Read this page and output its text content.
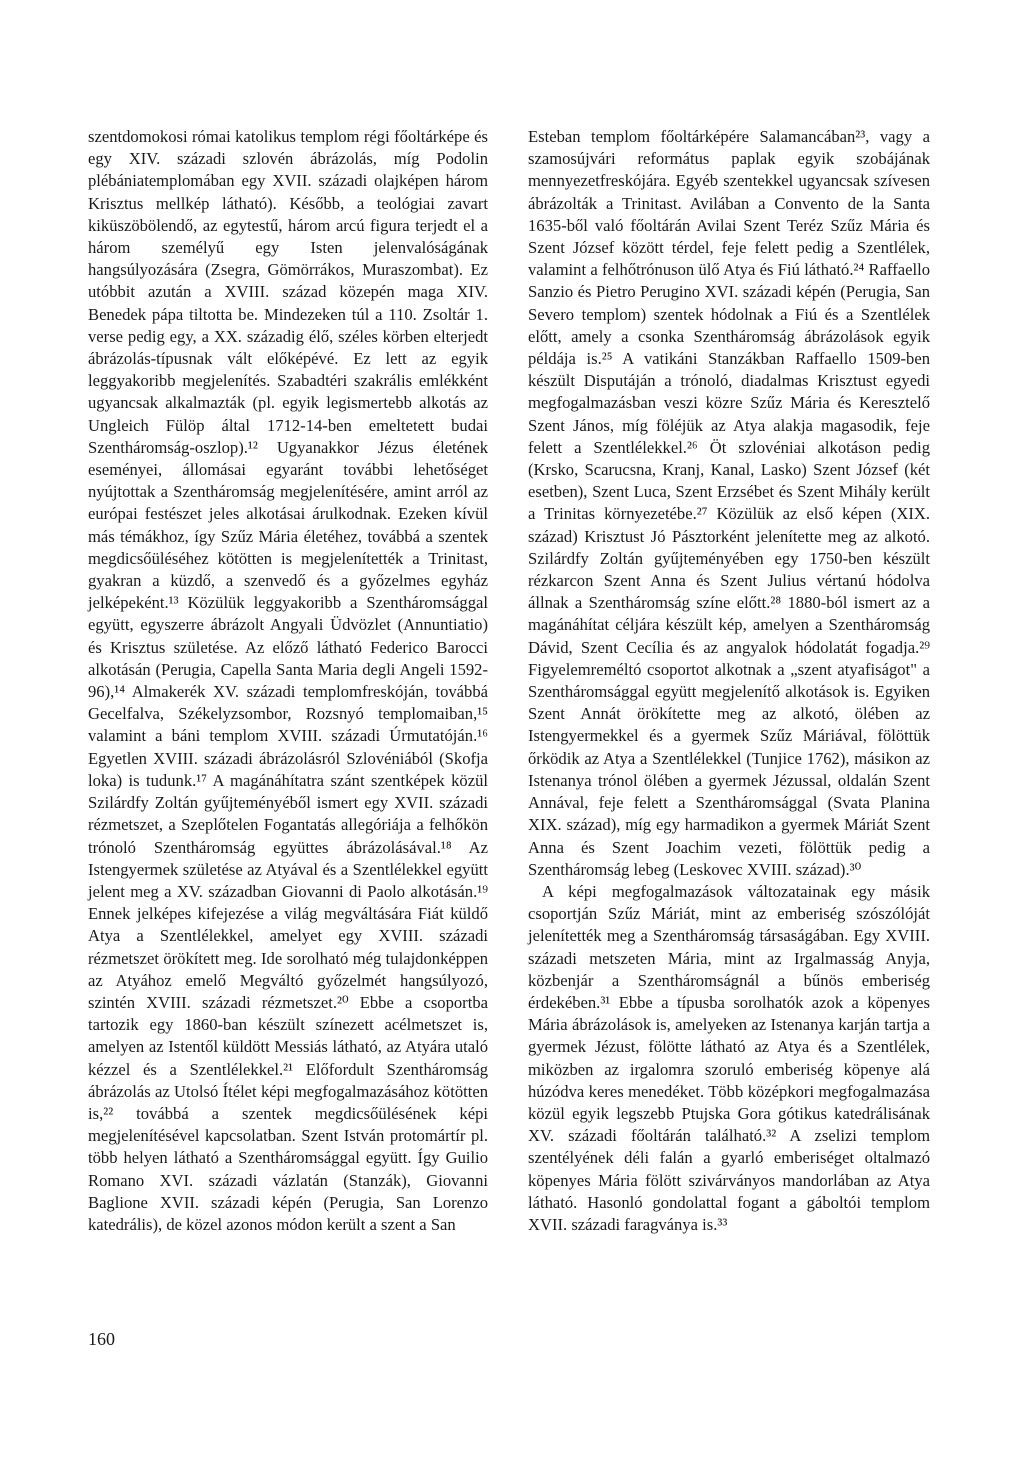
szentdomokosi római katolikus templom régi főoltárképe és egy XIV. századi szlovén ábrázolás, míg Podolin plébániatemplomában egy XVII. századi olajképen három Krisztus mellkép látható). Később, a teológiai zavart kiküszöbölendő, az egytestű, három arcú figura terjedt el a három személyű egy Isten jelenvalóságának hangsúlyozására (Zsegra, Gömörrákos, Muraszombat). Ez utóbbit azután a XVIII. század közepén maga XIV. Benedek pápa tiltotta be. Mindezeken túl a 110. Zsoltár 1. verse pedig egy, a XX. századig élő, széles körben elterjedt ábrázolás-típusnak vált előképévé. Ez lett az egyik leggyakoribb megjelenítés. Szabadtéri szakrális emlékként ugyancsak alkalmazták (pl. egyik legismertebb alkotás az Ungleich Fülöp által 1712-14-ben emeltetett budai Szentháromság-oszlop).¹² Ugyanakkor Jézus életének eseményei, állomásai egyaránt további lehetőséget nyújtottak a Szentháromság megjelenítésére, amint arról az európai festészet jeles alkotásai árulkodnak. Ezeken kívül más témákhoz, így Szűz Mária életéhez, továbbá a szentek megdicsőüléséhez kötötten is megjelenítették a Trinitast, gyakran a küzdő, a szenvedő és a győzelmes egyház jelképeként.¹³ Közülük leggyakoribb a Szentháromsággal együtt, egyszerre ábrázolt Angyali Üdvözlet (Annuntiatio) és Krisztus születése. Az előző látható Federico Barocci alkotásán (Perugia, Capella Santa Maria degli Angeli 1592-96),¹⁴ Almakerék XV. századi templomfreskóján, továbbá Gecelfalva, Székelyzsombor, Rozsnyó templomaiban,¹⁵ valamint a báni templom XVIII. századi Úrmutatóján.¹⁶ Egyetlen XVIII. századi ábrázolásról Szlovéniából (Skofja loka) is tudunk.¹⁷ A magánáhítatra szánt szentképek közül Szilárdfy Zoltán gyűjteményéből ismert egy XVII. századi rézmetszet, a Szeplőtelen Fogantatás allegóriája a felhőkön trónoló Szentháromság együttes ábrázolásával.¹⁸ Az Istengyermek születése az Atyával és a Szentlélekkel együtt jelent meg a XV. században Giovanni di Paolo alkotásán.¹⁹ Ennek jelképes kifejezése a világ megváltására Fiát küldő Atya a Szentlélekkel, amelyet egy XVIII. századi rézmetszet örökített meg. Ide sorolható még tulajdonképpen az Atyához emelő Megváltó győzelmét hangsúlyozó, szintén XVIII. századi rézmetszet.²⁰ Ebbe a csoportba tartozik egy 1860-ban készült színezett acélmetszet is, amelyen az Istentől küldött Messiás látható, az Atyára utaló kézzel és a Szentlélekkel.²¹ Előfordult Szentháromság ábrázolás az Utolsó Ítélet képi megfogalmazásához kötötten is,²² továbbá a szentek megdicsőülésének képi megjelenítésével kapcsolatban. Szent István protomártír pl. több helyen látható a Szentháromsággal együtt. Így Guilio Romano XVI. századi vázlatán (Stanzák), Giovanni Baglione XVII. századi képén (Perugia, San Lorenzo katedrális), de közel azonos módon került a szent a San

Esteban templom főoltárképére Salamancában²³, vagy a szamosújvári református paplak egyik szobájának mennyezetfreskójára. Egyéb szentekkel ugyancsak szívesen ábrázolták a Trinitast. Avilában a Convento de la Santa 1635-ből való főoltárán Avilai Szent Teréz Szűz Mária és Szent József között térdel, feje felett pedig a Szentlélek, valamint a felhőtrónuson ülő Atya és Fiú látható.²⁴ Raffaello Sanzio és Pietro Perugino XVI. századi képén (Perugia, San Severo templom) szentek hódolnak a Fiú és a Szentlélek előtt, amely a csonka Szentháromság ábrázolások egyik példája is.²⁵ A vatikáni Stanzákban Raffaello 1509-ben készült Disputáján a trónoló, diadalmas Krisztust egyedi megfogalmazásban veszi közre Szűz Mária és Keresztelő Szent János, míg föléjük az Atya alakja magasodik, feje felett a Szentlélekkel.²⁶ Öt szlovéniai alkotáson pedig (Krsko, Scarucsna, Kranj, Kanal, Lasko) Szent József (két esetben), Szent Luca, Szent Erzsébet és Szent Mihály került a Trinitas környezetébe.²⁷ Közülük az első képen (XIX. század) Krisztust Jó Pásztorként jelenítette meg az alkotó. Szilárdfy Zoltán gyűjteményében egy 1750-ben készült rézkarcon Szent Anna és Szent Julius vértanú hódolva állnak a Szentháromság színe előtt.²⁸ 1880-ból ismert az a magánáhítat céljára készült kép, amelyen a Szentháromság Dávid, Szent Cecília és az angyalok hódolatát fogadja.²⁹ Figyelemreméltó csoportot alkotnak a „szent atyafiságot" a Szentháromsággal együtt megjelenítő alkotások is. Egyiken Szent Annát örökítette meg az alkotó, ölében az Istengyermekkel és a gyermek Szűz Máriával, fölöttük őrködik az Atya a Szentlélekkel (Tunjice 1762), másikon az Istenanya trónol ölében a gyermek Jézussal, oldalán Szent Annával, feje felett a Szentháromsággal (Svata Planina XIX. század), míg egy harmadikon a gyermek Máriát Szent Anna és Szent Joachim vezeti, fölöttük pedig a Szentháromság lebeg (Leskovec XVIII. század).³⁰

A képi megfogalmazások változatainak egy másik csoportján Szűz Máriát, mint az emberiség szószólóját jelenítették meg a Szentháromság társaságában. Egy XVIII. századi metszeten Mária, mint az Irgalmasság Anyja, közbenjár a Szentháromságnál a bűnös emberiség érdekében.³¹ Ebbe a típusba sorolhatók azok a köpenyes Mária ábrázolások is, amelyeken az Istenanya karján tartja a gyermek Jézust, fölötte látható az Atya és a Szentlélek, miközben az irgalomra szoruló emberiség köpenye alá húzódva keres menedéket. Több középkori megfogalmazása közül egyik legszebb Ptujska Gora gótikus katedrálisának XV. századi főoltárán található.³² A zselizi templom szentélyének déli falán a gyarló emberiséget oltalmazó köpenyes Mária fölött szivárványos mandorlában az Atya látható. Hasonló gondolattal fogant a gáboltói templom XVII. századi faragványa is.³³

160
